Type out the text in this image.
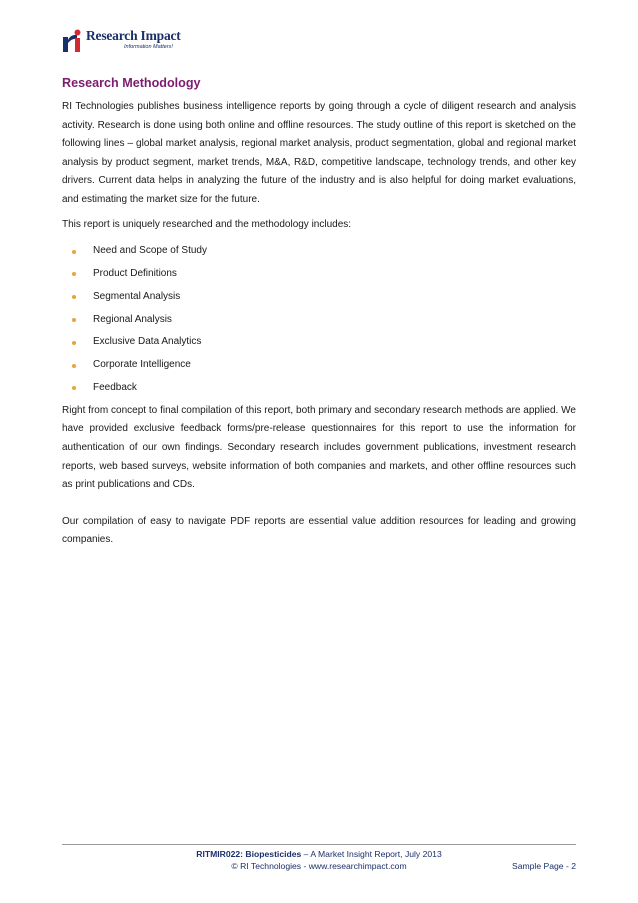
Research Impact
Information Matters!
Research Methodology

RI Technologies publishes business intelligence reports by going through a cycle of diligent research and analysis activity. Research is done using both online and offline resources. The study outline of this report is sketched on the following lines – global market analysis, regional market analysis, product segmentation, global and regional market analysis by product segment, market trends, M&A, R&D, competitive landscape, technology trends, and other key drivers. Current data helps in analyzing the future of the industry and is also helpful for doing market evaluations, and estimating the market size for the future.

This report is uniquely researched and the methodology includes:

Need and Scope of Study
Product Definitions
Segmental Analysis
Regional Analysis
Exclusive Data Analytics
Corporate Intelligence
Feedback

Right from concept to final compilation of this report, both primary and secondary research methods are applied. We have provided exclusive feedback forms/pre-release questionnaires for this report to use the information for authentication of our own findings. Secondary research includes government publications, investment research reports, web based surveys, website information of both companies and markets, and other offline resources such as print publications and CDs.

Our compilation of easy to navigate PDF reports are essential value addition resources for leading and growing companies.

RITMIR022: Biopesticides – A Market Insight Report, July 2013
© RI Technologies - www.researchimpact.com	Sample Page - 2
